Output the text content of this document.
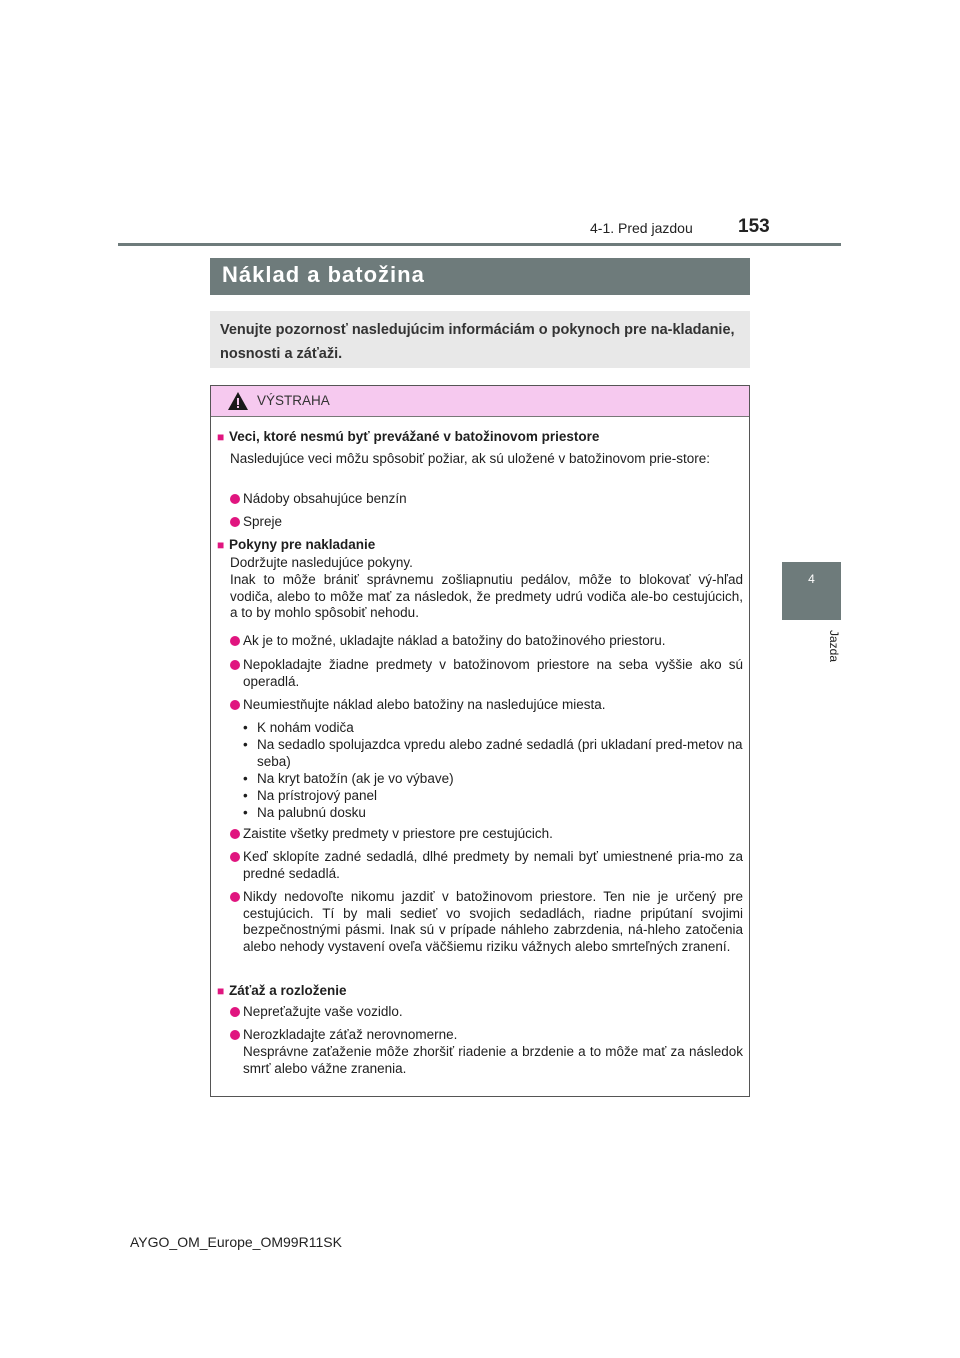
4-1. Pred jazdou 153
4
Jazda
Náklad a batožina

Venujte pozornosť nasledujúcim informáciám o pokynoch pre na-kladanie, nosnosti a záťaži.

VÝSTRAHA
■ Veci, ktoré nesmú byť prevážané v batožinovom priestore
Nasledujúce veci môžu spôsobiť požiar, ak sú uložené v batožinovom prie-store:
Nádoby obsahujúce benzín
Spreje
■ Pokyny pre nakladanie
Dodržujte nasledujúce pokyny.
Inak to môže brániť správnemu zošliapnutiu pedálov, môže to blokovať vý-hľad vodiča, alebo to môže mať za následok, že predmety udrú vodiča ale-bo cestujúcich, a to by mohlo spôsobiť nehodu.
Ak je to možné, ukladajte náklad a batožiny do batožinového priestoru.
Nepokladajte žiadne predmety v batožinovom priestore na seba vyššie ako sú operadlá.
Neumiestňujte náklad alebo batožiny na nasledujúce miesta.
• K nohám vodiča
• Na sedadlo spolujazdca vpredu alebo zadné sedadlá (pri ukladaní pred-metov na seba)
• Na kryt batožín (ak je vo výbave)
• Na prístrojový panel
• Na palubnú dosku
Zaistite všetky predmety v priestore pre cestujúcich.
Keď sklopíte zadné sedadlá, dlhé predmety by nemali byť umiestnené pria-mo za predné sedadlá.
Nikdy nedovoľte nikomu jazdiť v batožinovom priestore. Ten nie je určený pre cestujúcich. Tí by mali sedieť vo svojich sedadlách, riadne pripútaní svojimi bezpečnostnými pásmi. Inak sú v prípade náhleho zabrzdenia, ná-hleho zatočenia alebo nehody vystavení oveľa väčšiemu riziku vážnych alebo smrteľných zranení.
■ Záťaž a rozloženie
Nepreťažujte vaše vozidlo.
Nerozkladajte záťaž nerovnomerne.
Nesprávne zaťaženie môže zhoršiť riadenie a brzdenie a to môže mať za následok smrť alebo vážne zranenia.
AYGO_OM_Europe_OM99R11SK
